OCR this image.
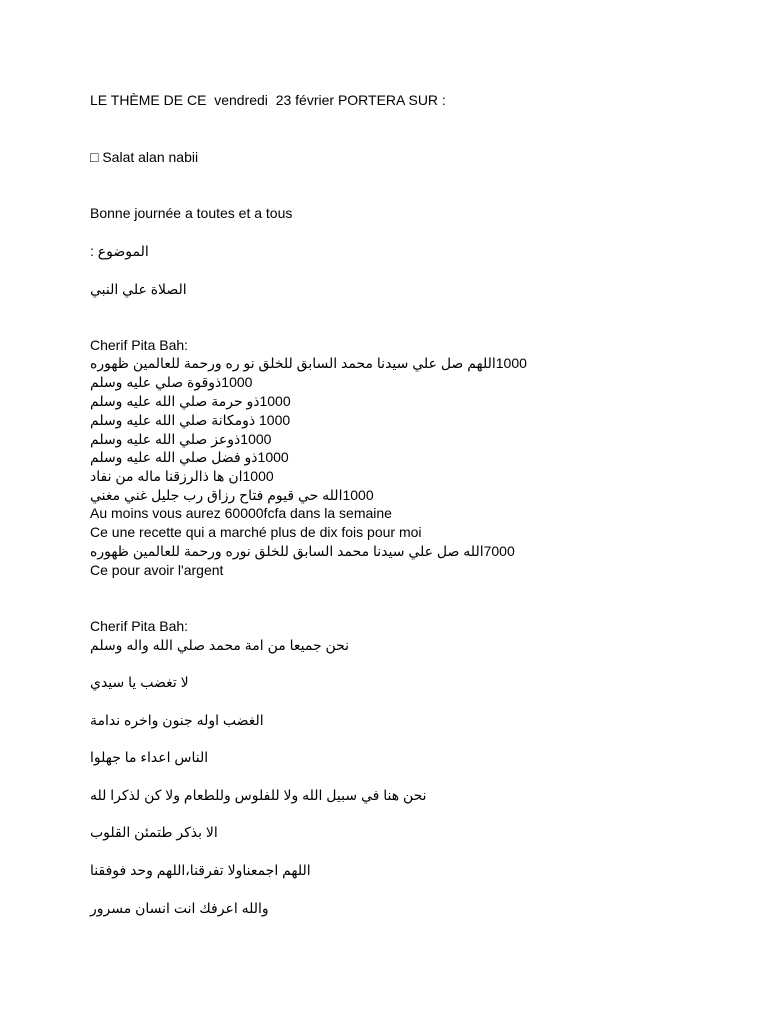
LE THÈME DE CE  vendredi  23 février PORTERA SUR :
□ Salat alan nabii
Bonne journée a toutes et a tous
الموضوع :
الصلاة علي النبي
Cherif Pita Bah:
1000اللهم صل علي سيدنا محمد السابق للخلق نو ره ورحمة للعالمين ظهوره
1000ذوقوة صلي عليه وسلم
1000ذو حرمة صلي الله عليه وسلم
1000 ذومكانة صلي الله عليه وسلم
1000ذوعز صلي الله عليه وسلم
1000ذو فضل صلي الله عليه وسلم
1000ان ها ذالرزقنا ماله من نفاد
1000الله حي قيوم فتاح رزاق رب جليل غني مغني
Au moins vous aurez 60000fcfa dans la semaine
Ce une recette qui a marché plus de dix fois pour moi
7000الله صل علي سيدنا محمد السابق للخلق نوره ورحمة للعالمين ظهوره
Ce pour avoir l'argent
Cherif Pita Bah:
نحن جميعا من امة محمد صلي الله واله وسلم
لا تغضب يا سيدي
الغضب اوله جنون واخره ندامة
الناس اعداء ما جهلوا
نحن هنا في سبيل الله ولا للفلوس وللطعام ولا كن لذكرا لله
الا بذكر طتمئن القلوب
اللهم اجمعناولا تفرقنا،اللهم وحد فوفقنا
والله اعرفك انت انسان مسرور
